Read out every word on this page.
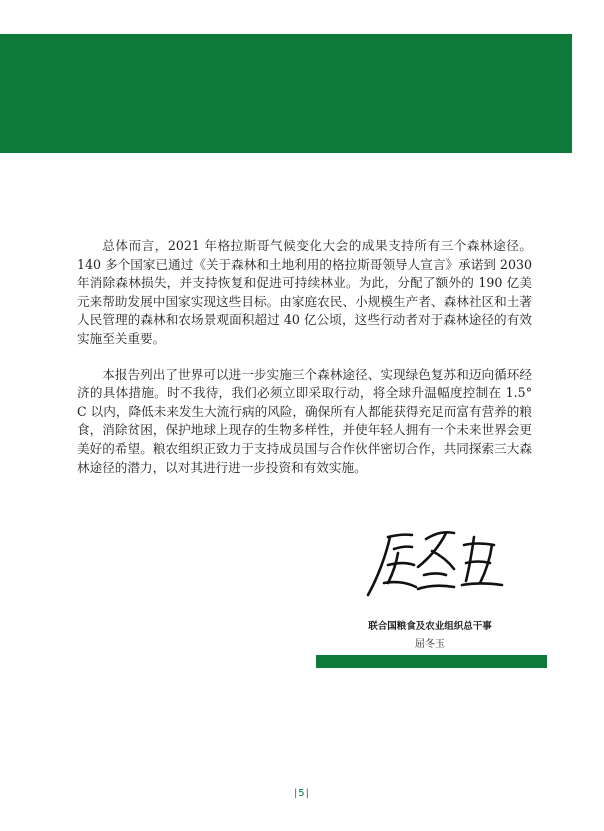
总体而言，2021 年格拉斯哥气候变化大会的成果支持所有三个森林途径。140 多个国家已通过《关于森林和土地利用的格拉斯哥领导人宣言》承诺到 2030 年消除森林损失，并支持恢复和促进可持续林业。为此，分配了额外的 190 亿美元来帮助发展中国家实现这些目标。由家庭农民、小规模生产者、森林社区和土著人民管理的森林和农场景观面积超过 40 亿公顷，这些行动者对于森林途径的有效实施至关重要。

本报告列出了世界可以进一步实施三个森林途径、实现绿色复苏和迈向循环经济的具体措施。时不我待，我们必须立即采取行动，将全球升温幅度控制在 1.5° C 以内，降低未来发生大流行病的风险，确保所有人都能获得充足而富有营养的粮食，消除贫困，保护地球上现存的生物多样性，并使年轻人拥有一个未来世界会更美好的希望。粮农组织正致力于支持成员国与合作伙伴密切合作，共同探索三大森林途径的潜力，以对其进行进一步投资和有效实施。

联合国粮食及农业组织总干事
屈冬玉
|5|
